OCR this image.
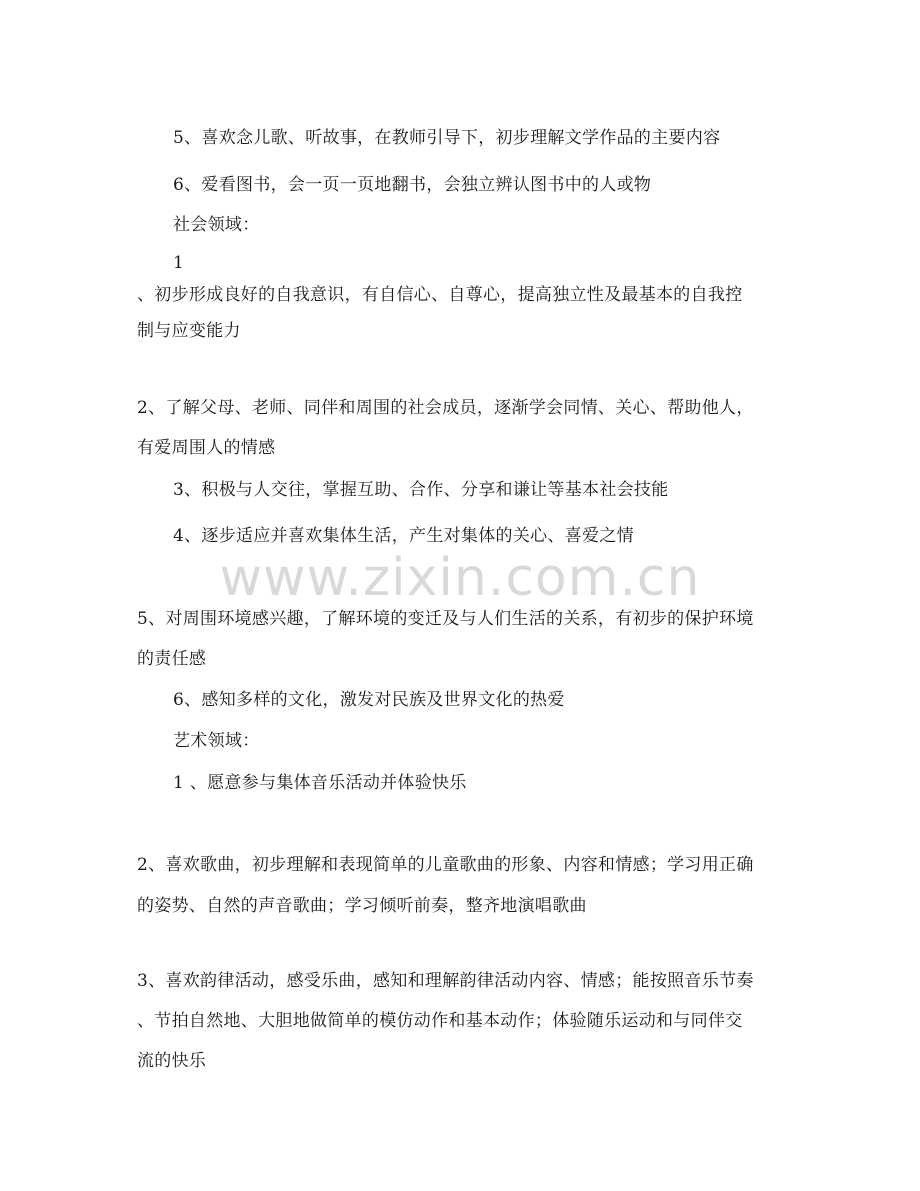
5、喜欢念儿歌、听故事，在教师引导下，初步理解文学作品的主要内容
6、爱看图书，会一页一页地翻书，会独立辨认图书中的人或物
社会领域：
1
、初步形成良好的自我意识，有自信心、自尊心，提高独立性及最基本的自我控
制与应变能力
2、了解父母、老师、同伴和周围的社会成员，逐渐学会同情、关心、帮助他人，
有爱周围人的情感
3、积极与人交往，掌握互助、合作、分享和谦让等基本社会技能
4、逐步适应并喜欢集体生活，产生对集体的关心、喜爱之情
5、对周围环境感兴趣，了解环境的变迁及与人们生活的关系，有初步的保护环境
的责任感
6、感知多样的文化，激发对民族及世界文化的热爱
艺术领域：
1 、愿意参与集体音乐活动并体验快乐
2、喜欢歌曲，初步理解和表现简单的儿童歌曲的形象、内容和情感；学习用正确
的姿势、自然的声音歌曲；学习倾听前奏，整齐地演唱歌曲
3、喜欢韵律活动，感受乐曲，感知和理解韵律活动内容、情感；能按照音乐节奏
、节拍自然地、大胆地做简单的模仿动作和基本动作；体验随乐运动和与同伴交
流的快乐
www.zixin.com.cn
